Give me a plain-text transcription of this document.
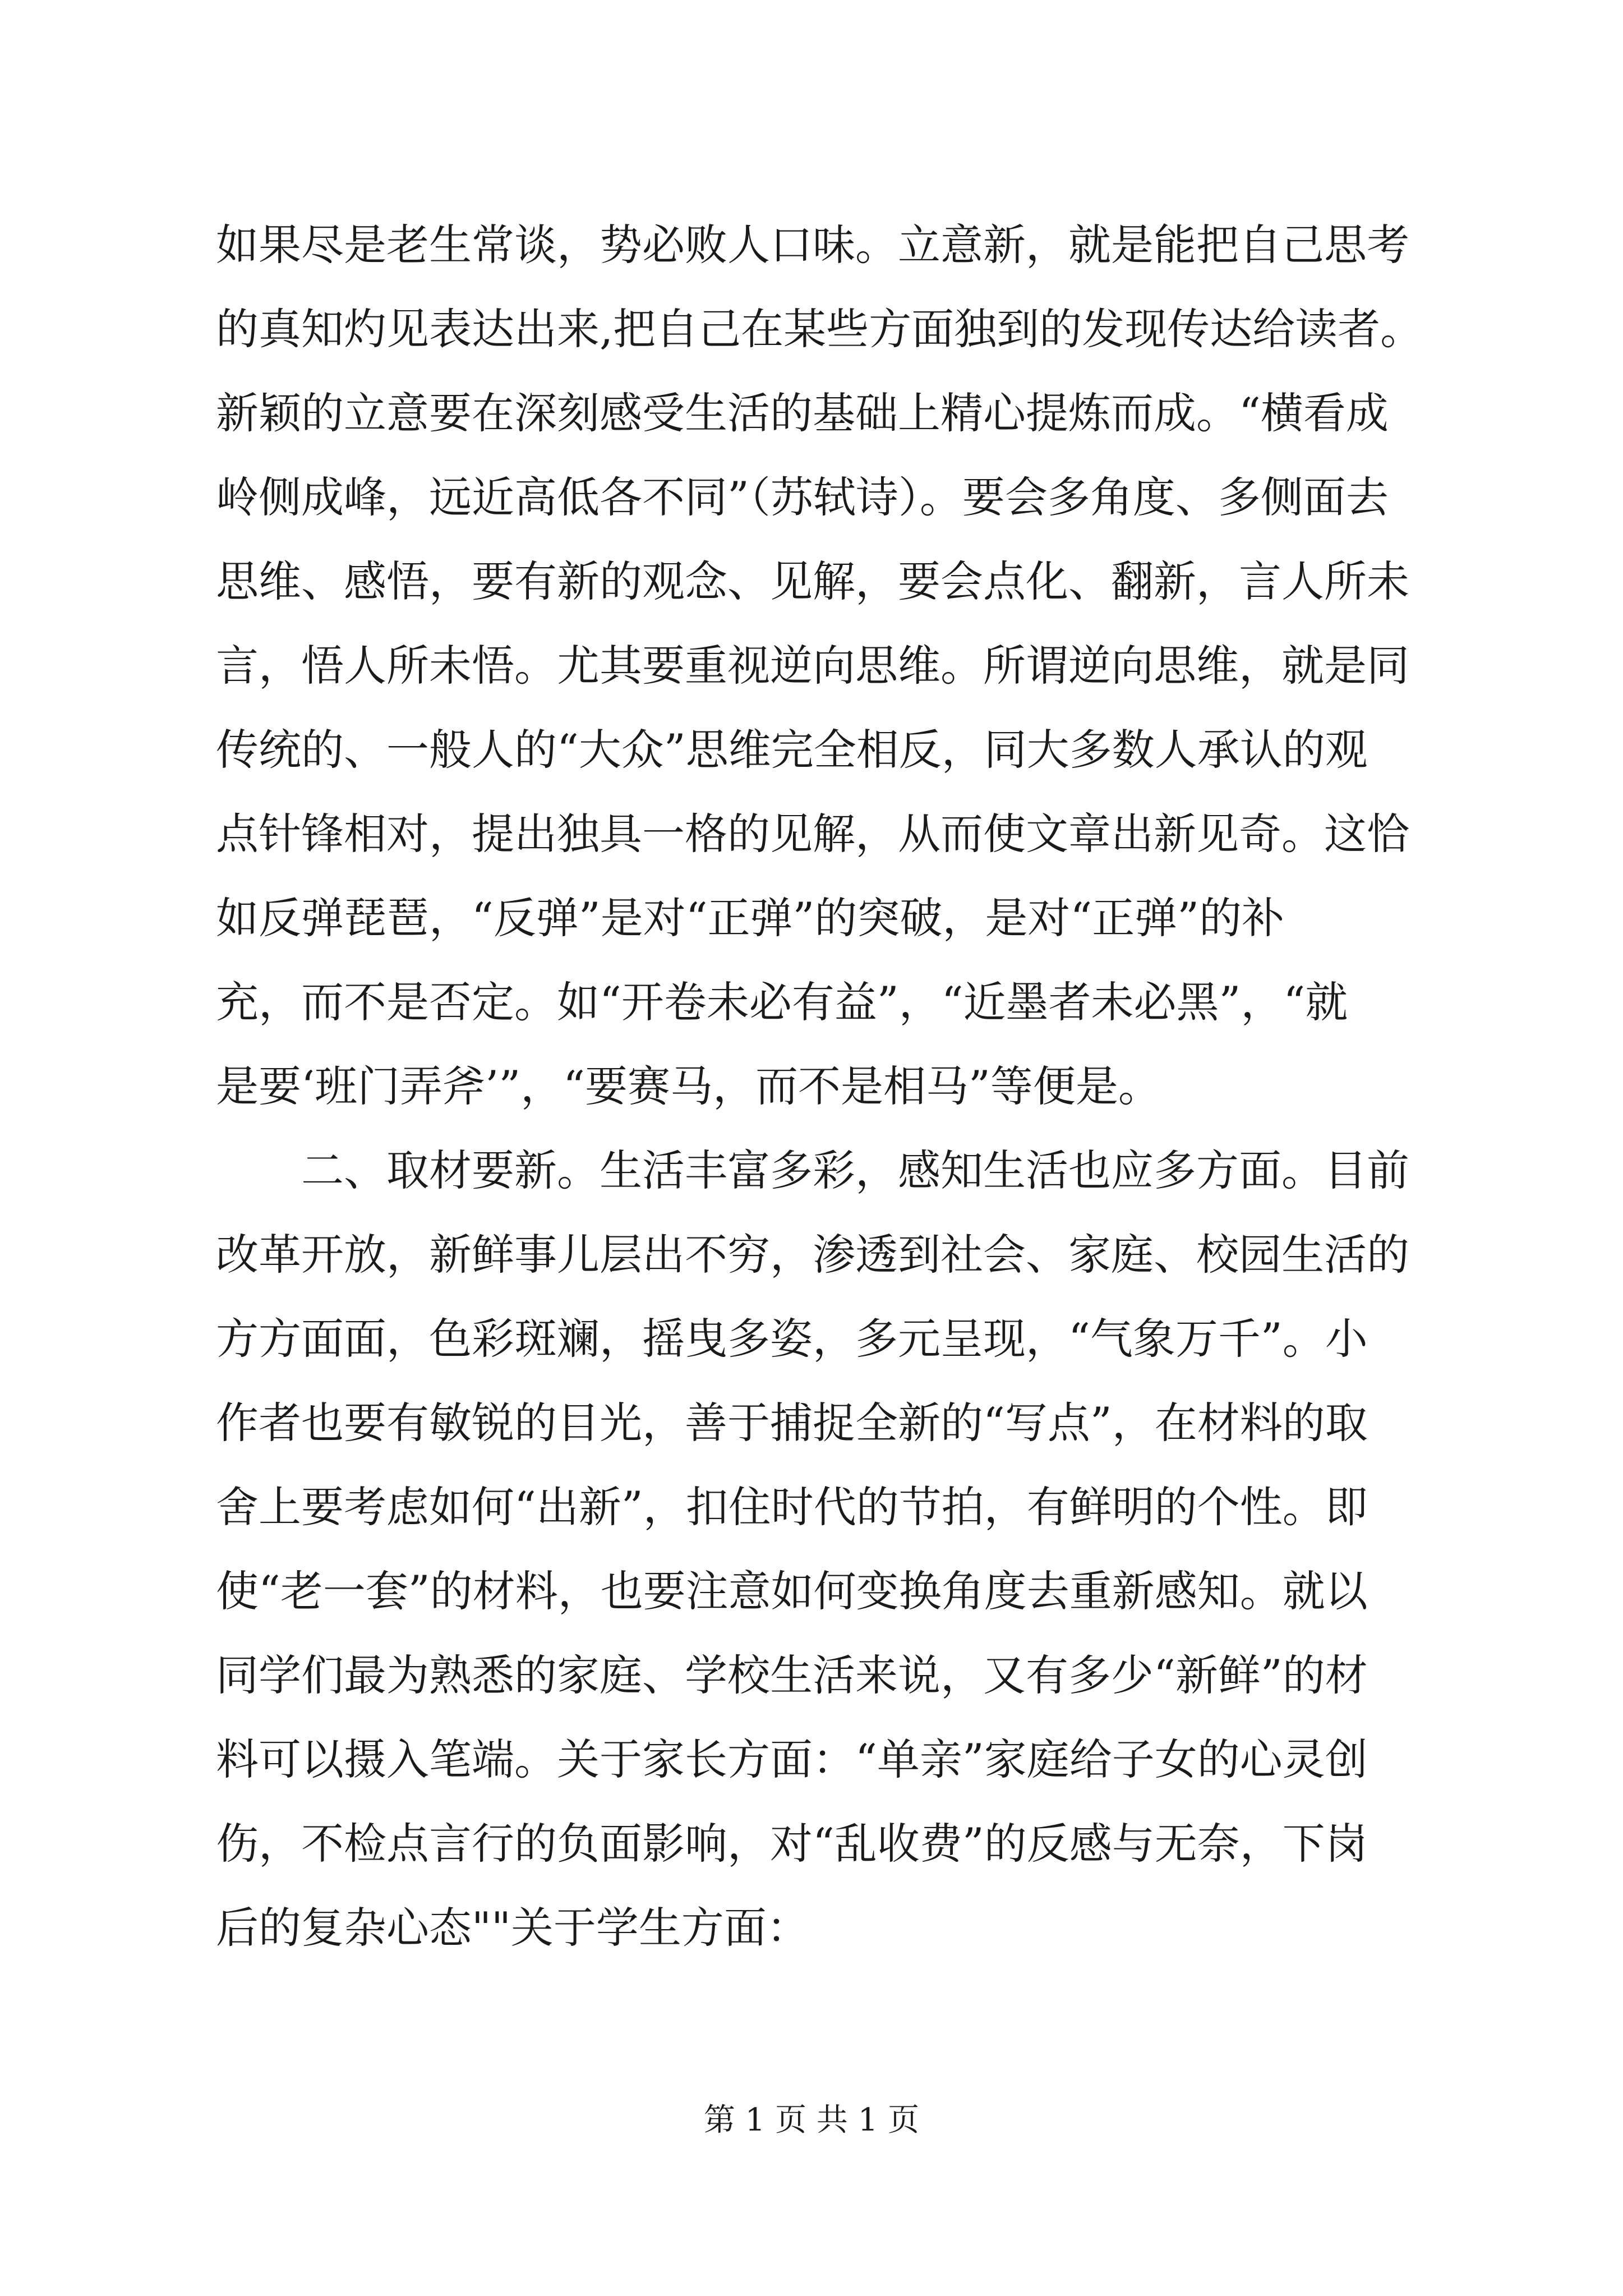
如果尽是老生常谈，势必败人口味。立意新，就是能把自己思考
的真知灼见表达出来,把自己在某些方面独到的发现传达给读者。
新颖的立意要在深刻感受生活的基础上精心提炼而成。“横看成
岭侧成峰，远近高低各不同”（苏轼诗）。要会多角度、多侧面去
思维、感悟，要有新的观念、见解，要会点化、翻新，言人所未
言，悟人所未悟。尤其要重视逆向思维。所谓逆向思维，就是同
传统的、一般人的“大众”思维完全相反，同大多数人承认的观
点针锋相对，提出独具一格的见解，从而使文章出新见奇。这恰
如反弹琵琶，“反弹”是对“正弹”的突破，是对“正弹”的补
充，而不是否定。如“开卷未必有益”，“近墨者未必黑”，“就
是要‘班门弄斧’”，“要赛马，而不是相马”等便是。
　　二、取材要新。生活丰富多彩，感知生活也应多方面。目前
改革开放，新鲜事儿层出不穷，渗透到社会、家庭、校园生活的
方方面面，色彩斑斓，摇曳多姿，多元呈现，“气象万千”。小
作者也要有敏锐的目光，善于捕捉全新的“写点”，在材料的取
舍上要考虑如何“出新”，扣住时代的节拍，有鲜明的个性。即
使“老一套”的材料，也要注意如何变换角度去重新感知。就以
同学们最为熟悉的家庭、学校生活来说，又有多少“新鲜”的材
料可以摄入笔端。关于家长方面：“单亲”家庭给子女的心灵创
伤，不检点言行的负面影响，对“乱收费”的反感与无奈，下岗
后的复杂心态""关于学生方面：
第 1 页 共 1 页
